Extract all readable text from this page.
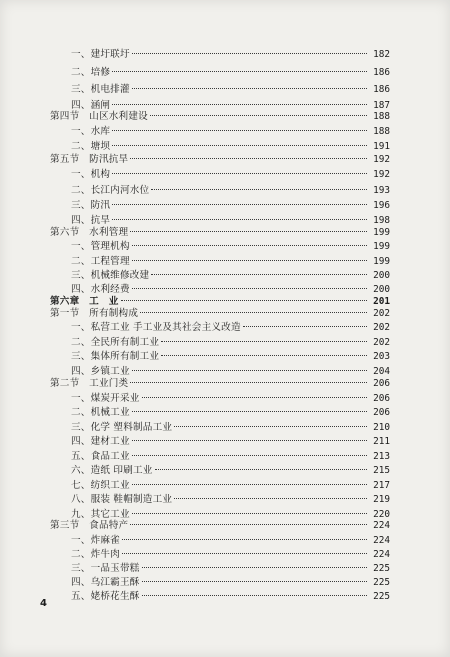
一、建圩联圩	182
二、培修	186
三、机电排灌	186
四、涵闸	187
第四节　山区水利建设	188
一、水库	188
二、塘坝	191
第五节　防汛抗旱	192
一、机构	192
二、长江内河水位	193
三、防汛	196
四、抗旱	198
第六节　水利管理	199
一、管理机构	199
二、工程管理	199
三、机械维修改建	200
四、水利经费	200
第六章　工　业	201
第一节　所有制构成	202
一、私营工业 手工业及其社会主义改造	202
二、全民所有制工业	202
三、集体所有制工业	203
四、乡镇工业	204
第二节　工业门类	206
一、煤炭开采业	206
二、机械工业	206
三、化学 塑料制品工业	210
四、建材工业	211
五、食品工业	213
六、造纸 印刷工业	215
七、纺织工业	217
八、服装 鞋帽制造工业	219
九、其它工业	220
第三节　食品特产	224
一、炸麻雀	224
二、炸牛肉	224
三、一品玉带糕	225
四、乌江霸王酥	225
五、姥桥花生酥	225
4
